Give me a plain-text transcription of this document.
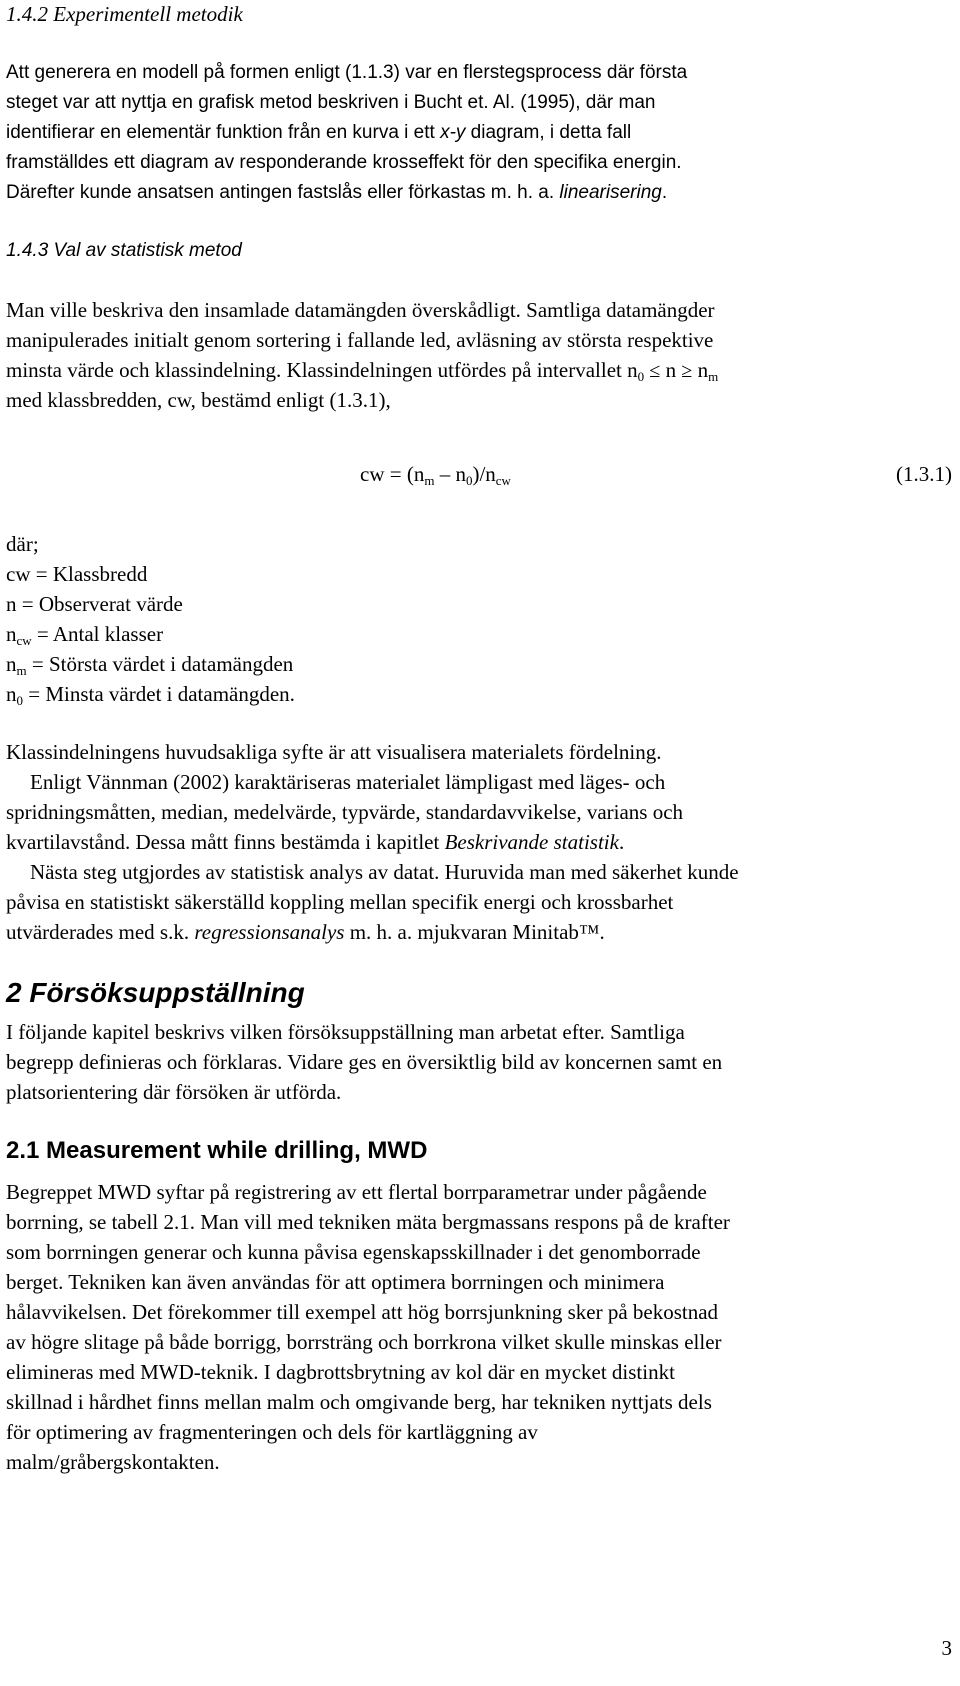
1.4.2 Experimentell metodik
Att generera en modell på formen enligt (1.1.3) var en flerstegsprocess där första
steget var att nyttja en grafisk metod beskriven i Bucht et. Al. (1995), där man
identifierar en elementär funktion från en kurva i ett x-y diagram, i detta fall
framställdes ett diagram av responderande krosseffekt för den specifika energin.
Därefter kunde ansatsen antingen fastslås eller förkastas m. h. a. linearisering.
1.4.3 Val av statistisk metod
Man ville beskriva den insamlade datamängden överskådligt. Samtliga datamängder
manipulerades initialt genom sortering i fallande led, avläsning av största respektive
minsta värde och klassindelning. Klassindelningen utfördes på intervallet $n_0 \le n \ge n_m$
med klassbredden, cw, bestämd enligt (1.3.1),
cw = $(n_m - n_0)/n_{cw}$	(1.3.1)
där;
cw = Klassbredd
n = Observerat värde
$n_{cw}$ = Antal klasser
$n_m$ = Största värdet i datamängden
$n_0$ = Minsta värdet i datamängden.
Klassindelningens huvudsakliga syfte är att visualisera materialets fördelning.
Enligt Vännman (2002) karaktäriseras materialet lämpligast med läges- och
spridningsmåtten, median, medelvärde, typvärde, standardavvikelse, varians och
kvartilavstånd. Dessa mått finns bestämda i kapitlet Beskrivande statistik.
Nästa steg utgjordes av statistisk analys av datat. Huruvida man med säkerhet kunde
påvisa en statistiskt säkerställd koppling mellan specifik energi och krossbarhet
utvärderades med s.k. regressionsanalys m. h. a. mjukvaran Minitab™.
2 Försöksuppställning
I följande kapitel beskrivs vilken försöksuppställning man arbetat efter. Samtliga
begrepp definieras och förklaras. Vidare ges en översiktlig bild av koncernen samt en
platsorientering där försöken är utförda.
2.1 Measurement while drilling, MWD
Begreppet MWD syftar på registrering av ett flertal borrparametrar under pågående
borrning, se tabell 2.1. Man vill med tekniken mäta bergmassans respons på de krafter
som borrningen generar och kunna påvisa egenskapsskillnader i det genomborrade
berget. Tekniken kan även användas för att optimera borrningen och minimera
hålavvikelsen. Det förekommer till exempel att hög borrsjunkning sker på bekostnad
av högre slitage på både borrigg, borrsträng och borrkrona vilket skulle minskas eller
elimineras med MWD-teknik. I dagbrottsbrytning av kol där en mycket distinkt
skillnad i hårdhet finns mellan malm och omgivande berg, har tekniken nyttjats dels
för optimering av fragmenteringen och dels för kartläggning av
malm/gråbergskontakten.
3
